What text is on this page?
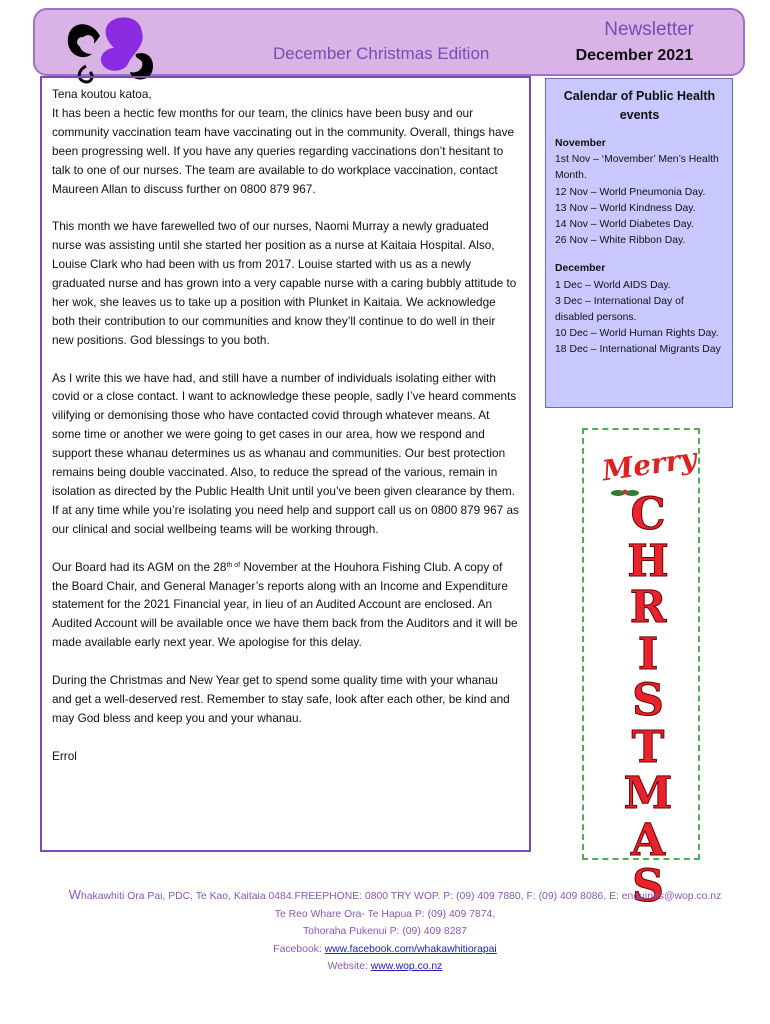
December Christmas Edition
Newsletter
December 2021

Tena koutou katoa,
It has been a hectic few months for our team, the clinics have been busy and our community vaccination team have vaccinating out in the community. Overall, things have been progressing well. If you have any queries regarding vaccinations don’t hesitant to talk to one of our nurses. The team are available to do workplace vaccination, contact Maureen Allan to discuss further on 0800 879 967.

This month we have farewelled two of our nurses, Naomi Murray a newly graduated nurse was assisting until she started her position as a nurse at Kaitaia Hospital. Also, Louise Clark who had been with us from 2017. Louise started with us as a newly graduated nurse and has grown into a very capable nurse with a caring bubbly attitude to her wok, she leaves us to take up a position with Plunket in Kaitaia. We acknowledge both their contribution to our communities and know they’ll continue to do well in their new positions. God blessings to you both.

As I write this we have had, and still have a number of individuals isolating either with covid or a close contact. I want to acknowledge these people, sadly I’ve heard comments vilifying or demonising those who have contacted covid through whatever means. At some time or another we were going to get cases in our area, how we respond and support these whanau determines us as whanau and communities. Our best protection remains being double vaccinated. Also, to reduce the spread of the various, remain in isolation as directed by the Public Health Unit until you’ve been given clearance by them. If at any time while you’re isolating you need help and support call us on 0800 879 967 as our clinical and social wellbeing teams will be working through.

Our Board had its AGM on the $28^{th of}$ November at the Houhora Fishing Club. A copy of the Board Chair, and General Manager’s reports along with an Income and Expenditure statement for the 2021 Financial year, in lieu of an Audited Account are enclosed. An Audited Account will be available once we have them back from the Auditors and it will be made available early next year. We apologise for this delay.

During the Christmas and New Year get to spend some quality time with your whanau and get a well-deserved rest. Remember to stay safe, look after each other, be kind and may God bless and keep you and your whanau.

Errol

Calendar of Public Health events
November
1st Nov – ‘Movember’ Men’s Health Month.
12 Nov – World Pneumonia Day.
13 Nov – World Kindness Day.
14 Nov – World Diabetes Day.
26 Nov – White Ribbon Day.
December
1 Dec – World AIDS Day.
3 Dec – International Day of disabled persons.
10 Dec – World Human Rights Day.
18 Dec – International Migrants Day
Merry
C
H
R
I
S
T
M
A
S
Whakawhiti Ora Pai, PDC, Te Kao, Kaitaia 0484.FREEPHONE: 0800 TRY WOP. P: (09) 409 7880, F: (09) 409 8086, E: enquiries@wop.co.nz
Te Reo Whare Ora- Te Hapua P: (09) 409 7874,
Tohoraha Pukenui P: (09) 409 8287
Facebook: www.facebook.com/whakawhitiorapai
Website: www.wop.co.nz
